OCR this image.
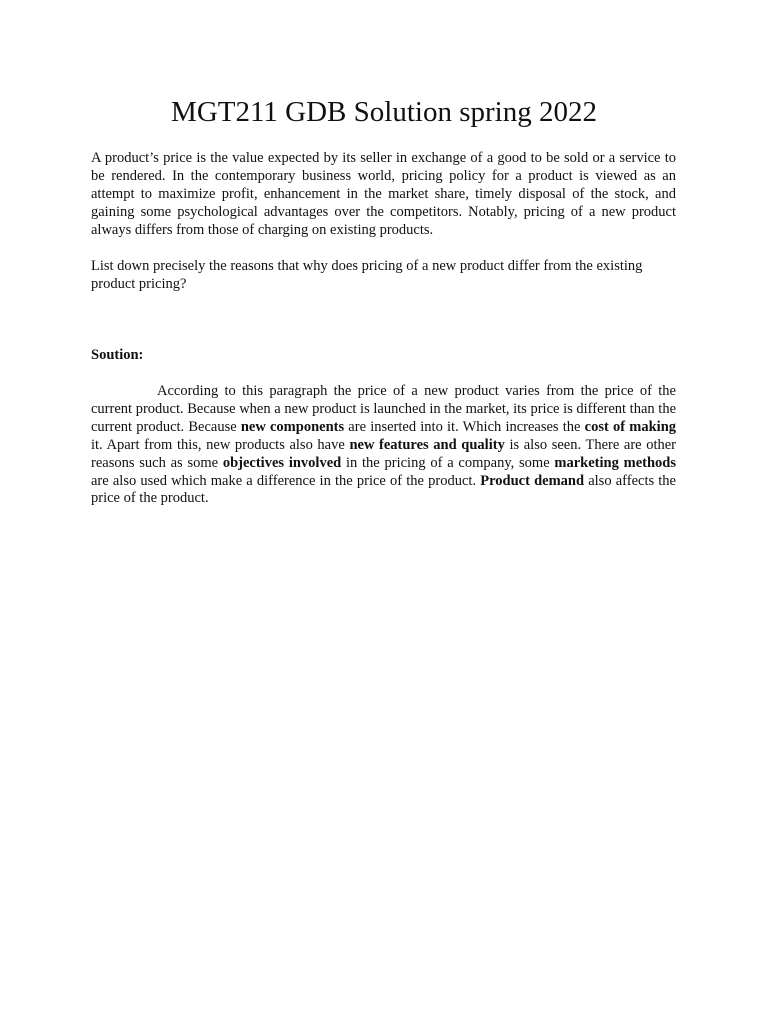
MGT211 GDB Solution spring 2022

A product’s price is the value expected by its seller in exchange of a good to be sold or a service to be rendered. In the contemporary business world, pricing policy for a product is viewed as an attempt to maximize profit, enhancement in the market share, timely disposal of the stock, and gaining some psychological advantages over the competitors. Notably, pricing of a new product always differs from those of charging on existing products.

List down precisely the reasons that why does pricing of a new product differ from the existing product pricing?

Soution:

According to this paragraph the price of a new product varies from the price of the current product. Because when a new product is launched in the market, its price is different than the current product. Because new components are inserted into it. Which increases the cost of making it. Apart from this, new products also have new features and quality is also seen. There are other reasons such as some objectives involved in the pricing of a company, some marketing methods are also used which make a difference in the price of the product. Product demand also affects the price of the product.
